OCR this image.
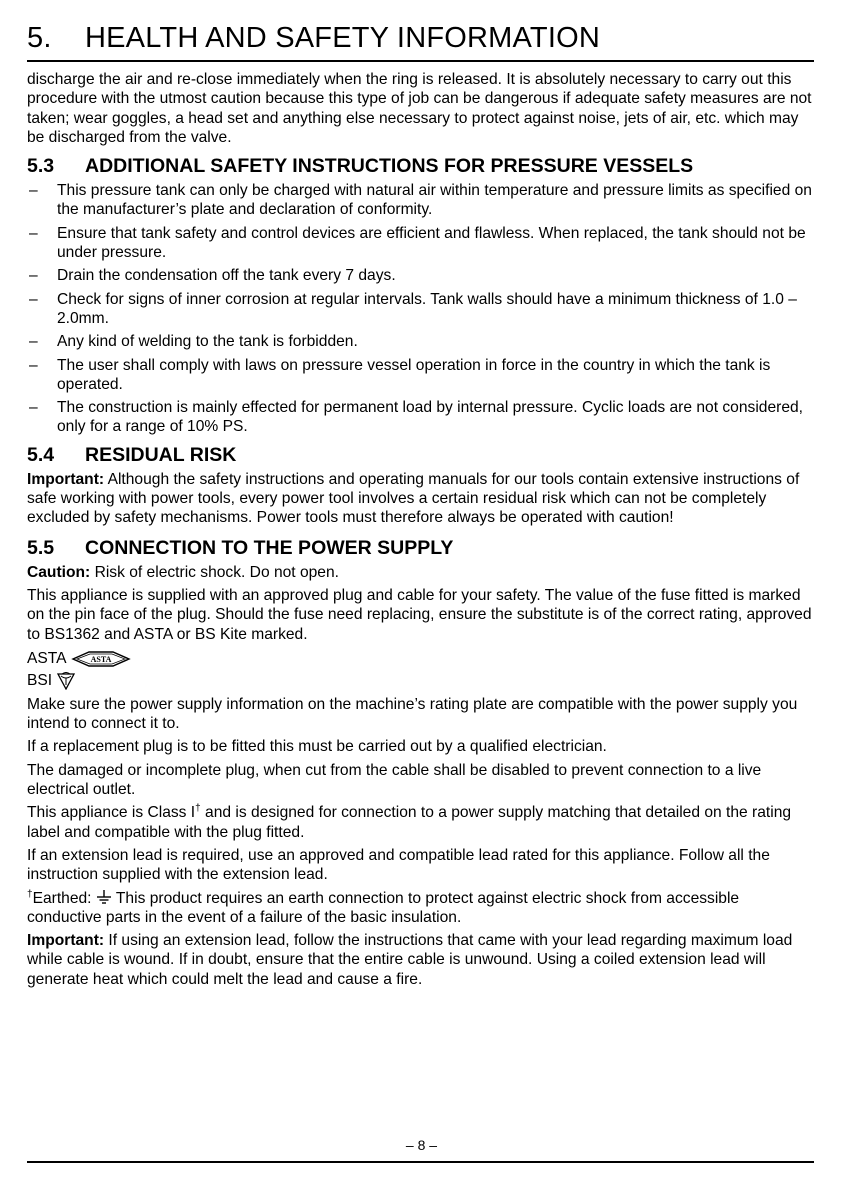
5. HEALTH AND SAFETY INFORMATION

discharge the air and re-close immediately when the ring is released. It is absolutely necessary to carry out this procedure with the utmost caution because this type of job can be dangerous if adequate safety measures are not taken; wear goggles, a head set and anything else necessary to protect against noise, jets of air, etc. which may be discharged from the valve.

5.3 ADDITIONAL SAFETY INSTRUCTIONS FOR PRESSURE VESSELS
– This pressure tank can only be charged with natural air within temperature and pressure limits as specified on the manufacturer’s plate and declaration of conformity.
– Ensure that tank safety and control devices are efficient and flawless. When replaced, the tank should not be under pressure.
– Drain the condensation off the tank every 7 days.
– Check for signs of inner corrosion at regular intervals. Tank walls should have a minimum thickness of 1.0 – 2.0mm.
– Any kind of welding to the tank is forbidden.
– The user shall comply with laws on pressure vessel operation in force in the country in which the tank is operated.
– The construction is mainly effected for permanent load by internal pressure. Cyclic loads are not considered, only for a range of 10% PS.
5.4 RESIDUAL RISK

Important: Although the safety instructions and operating manuals for our tools contain extensive instructions of safe working with power tools, every power tool involves a certain residual risk which can not be completely excluded by safety mechanisms. Power tools must therefore always be operated with caution!

5.5 CONNECTION TO THE POWER SUPPLY

Caution: Risk of electric shock. Do not open.

This appliance is supplied with an approved plug and cable for your safety. The value of the fuse fitted is marked on the pin face of the plug. Should the fuse need replacing, ensure the substitute is of the correct rating, approved to BS1362 and ASTA or BS Kite marked.

ASTA	ASTA
BSI

Make sure the power supply information on the machine’s rating plate are compatible with the power supply you intend to connect it to.

If a replacement plug is to be fitted this must be carried out by a qualified electrician.

The damaged or incomplete plug, when cut from the cable shall be disabled to prevent connection to a live electrical outlet.

This appliance is Class I† and is designed for connection to a power supply matching that detailed on the rating label and compatible with the plug fitted.

If an extension lead is required, use an approved and compatible lead rated for this appliance. Follow all the instruction supplied with the extension lead.

†Earthed:  This product requires an earth connection to protect against electric shock from accessible conductive parts in the event of a failure of the basic insulation.

Important: If using an extension lead, follow the instructions that came with your lead regarding maximum load while cable is wound. If in doubt, ensure that the entire cable is unwound. Using a coiled extension lead will generate heat which could melt the lead and cause a fire.

– 8 –
